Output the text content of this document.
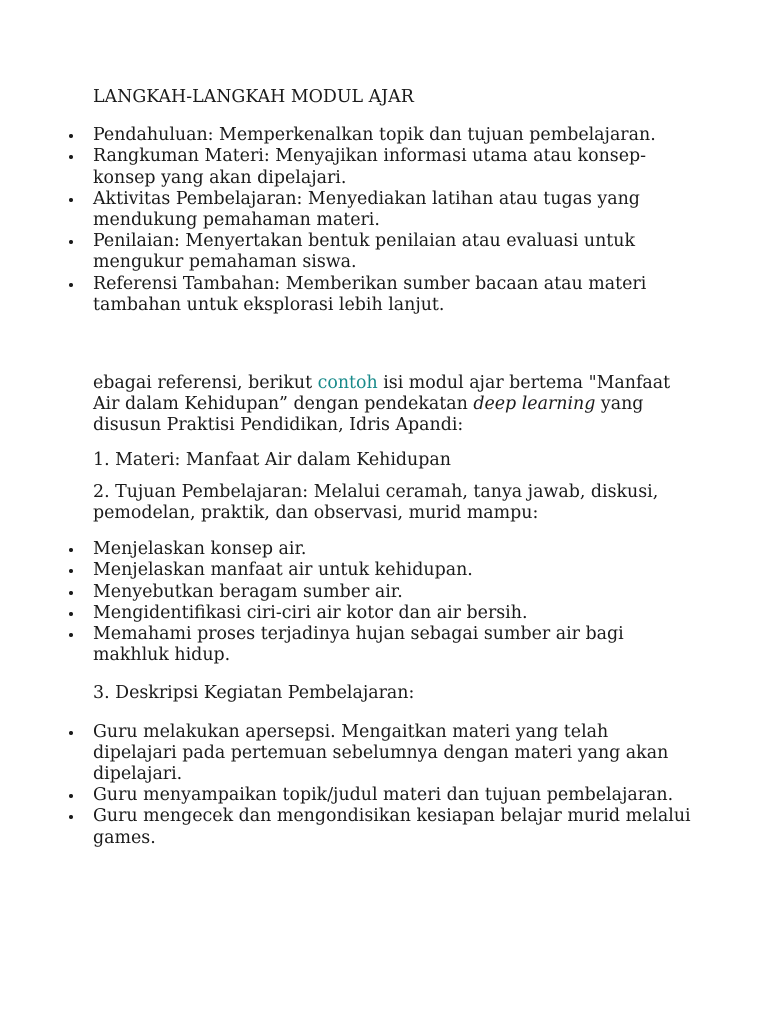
LANGKAH-LANGKAH MODUL AJAR
Pendahuluan: Memperkenalkan topik dan tujuan pembelajaran.
Rangkuman Materi: Menyajikan informasi utama atau konsep-konsep yang akan dipelajari.
Aktivitas Pembelajaran: Menyediakan latihan atau tugas yang mendukung pemahaman materi.
Penilaian: Menyertakan bentuk penilaian atau evaluasi untuk mengukur pemahaman siswa.
Referensi Tambahan: Memberikan sumber bacaan atau materi tambahan untuk eksplorasi lebih lanjut.

ebagai referensi, berikut contoh isi modul ajar bertema "Manfaat Air dalam Kehidupan” dengan pendekatan deep learning yang disusun Praktisi Pendidikan, Idris Apandi:

1. Materi: Manfaat Air dalam Kehidupan

2. Tujuan Pembelajaran: Melalui ceramah, tanya jawab, diskusi, pemodelan, praktik, dan observasi, murid mampu:

Menjelaskan konsep air.
Menjelaskan manfaat air untuk kehidupan.
Menyebutkan beragam sumber air.
Mengidentifikasi ciri-ciri air kotor dan air bersih.
Memahami proses terjadinya hujan sebagai sumber air bagi makhluk hidup.

3. Deskripsi Kegiatan Pembelajaran:

Guru melakukan apersepsi. Mengaitkan materi yang telah dipelajari pada pertemuan sebelumnya dengan materi yang akan dipelajari.
Guru menyampaikan topik/judul materi dan tujuan pembelajaran.
Guru mengecek dan mengondisikan kesiapan belajar murid melalui games.
